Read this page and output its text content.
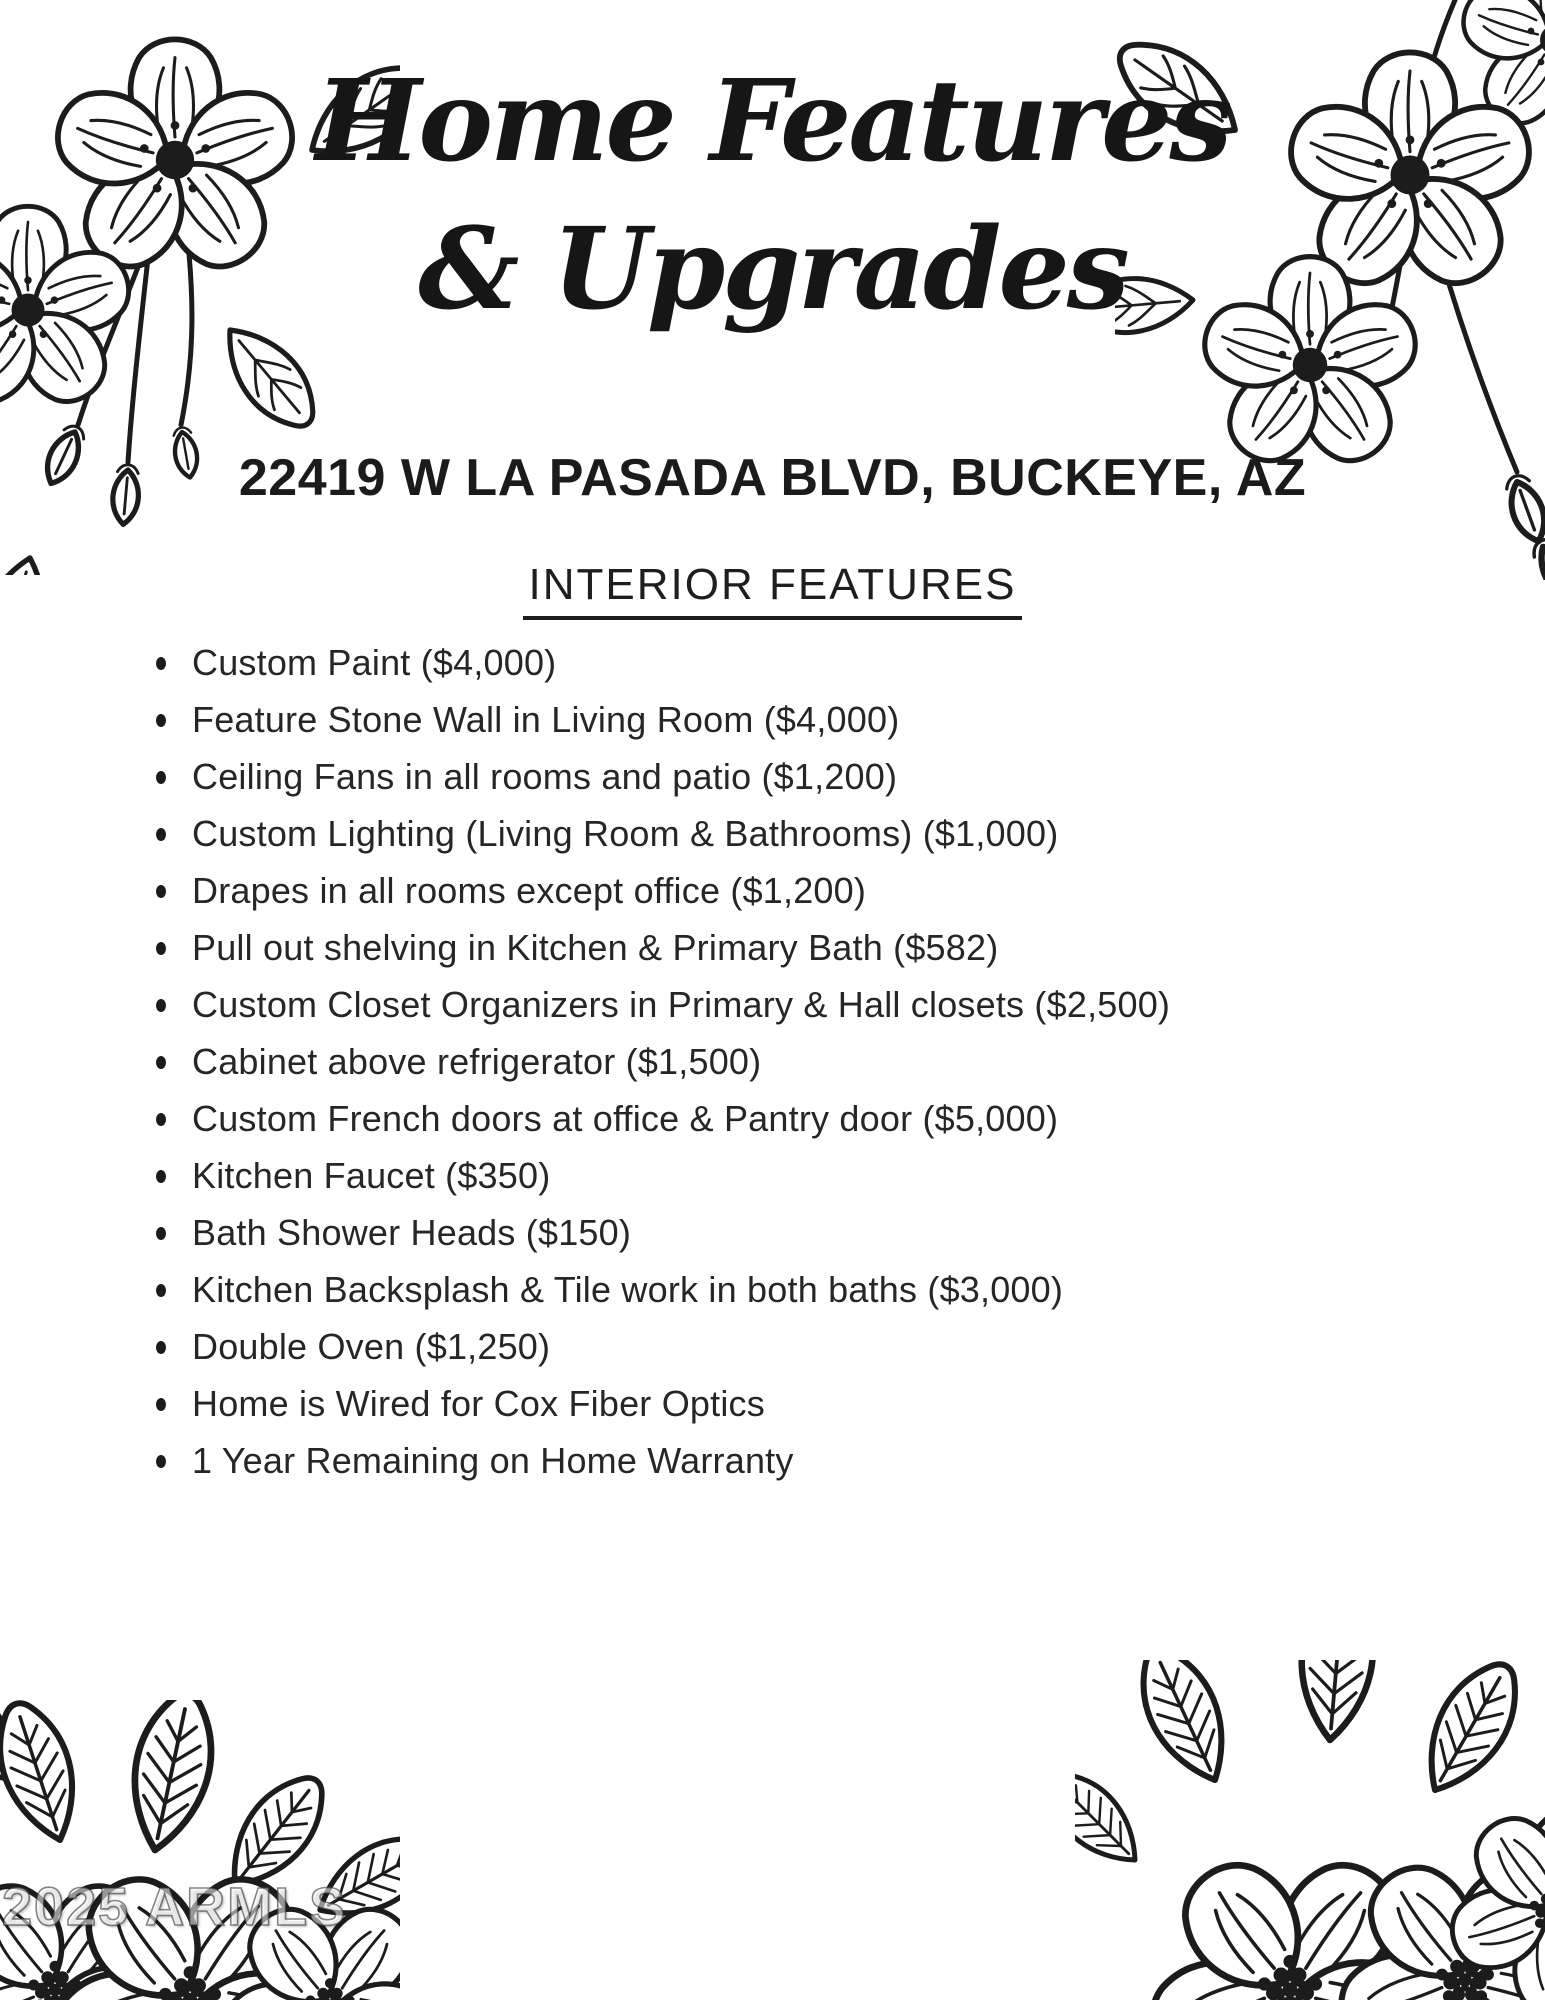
Home Features
& Upgrades
22419 W LA PASADA BLVD, BUCKEYE, AZ
INTERIOR FEATURES
Custom Paint ($4,000)
Feature Stone Wall in Living Room ($4,000)
Ceiling Fans in all rooms and patio ($1,200)
Custom Lighting (Living Room & Bathrooms) ($1,000)
Drapes in all rooms except office ($1,200)
Pull out shelving in Kitchen & Primary Bath ($582)
Custom Closet Organizers in Primary & Hall closets ($2,500)
Cabinet above refrigerator ($1,500)
Custom French doors at office & Pantry door ($5,000)
Kitchen Faucet ($350)
Bath Shower Heads ($150)
Kitchen Backsplash & Tile work in both baths ($3,000)
Double Oven ($1,250)
Home is Wired for Cox Fiber Optics
1 Year Remaining on Home Warranty
2025 ARMLS
